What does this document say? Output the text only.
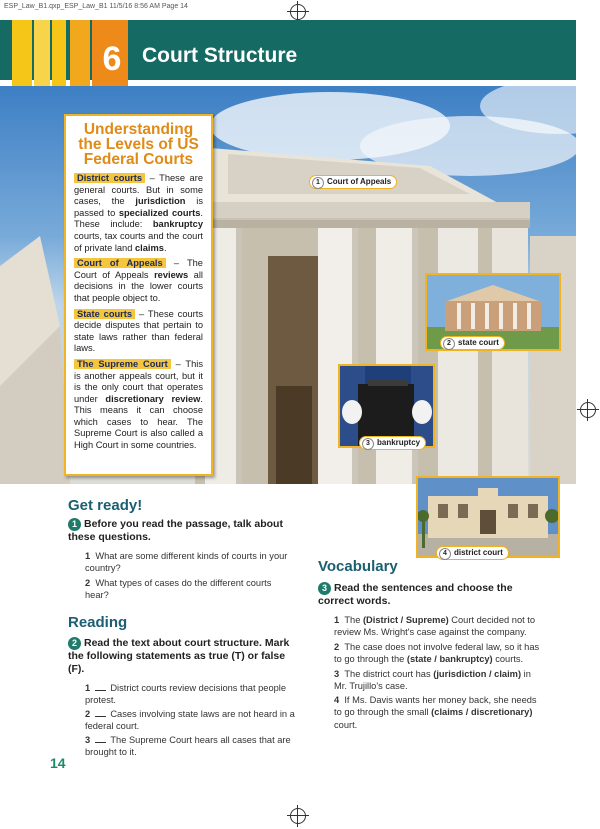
ESP_Law_B1.qxp_ESP_Law_B1 11/5/16 8:56 AM Page 14
6 Court Structure
1 Court of Appeals
2 state court
3 bankruptcy
4 district court
Understanding the Levels of US Federal Courts

District courts – These are general courts. But in some cases, the jurisdiction is passed to specialized courts. These include: bankruptcy courts, tax courts and the court of private land claims.

Court of Appeals – The Court of Appeals reviews all decisions in the lower courts that people object to.

State courts – These courts decide disputes that pertain to state laws rather than federal laws.

The Supreme Court – This is another appeals court, but it is the only court that operates under discretionary review. This means it can choose which cases to hear. The Supreme Court is also called a High Court in some countries.

Get ready!
1 Before you read the passage, talk about these questions.
1 What are some different kinds of courts in your country?
2 What types of cases do the different courts hear?
Reading
2 Read the text about court structure. Mark the following statements as true (T) or false (F).
1 District courts review decisions that people protest.
2 Cases involving state laws are not heard in a federal court.
3 The Supreme Court hears all cases that are brought to it.
Vocabulary
3 Read the sentences and choose the correct words.
1 The (District / Supreme) Court decided not to review Ms. Wright's case against the company.
2 The case does not involve federal law, so it has to go through the (state / bankruptcy) courts.
3 The district court has (jurisdiction / claim) in Mr. Trujillo's case.
4 If Ms. Davis wants her money back, she needs to go through the small (claims / discretionary) court.
14
